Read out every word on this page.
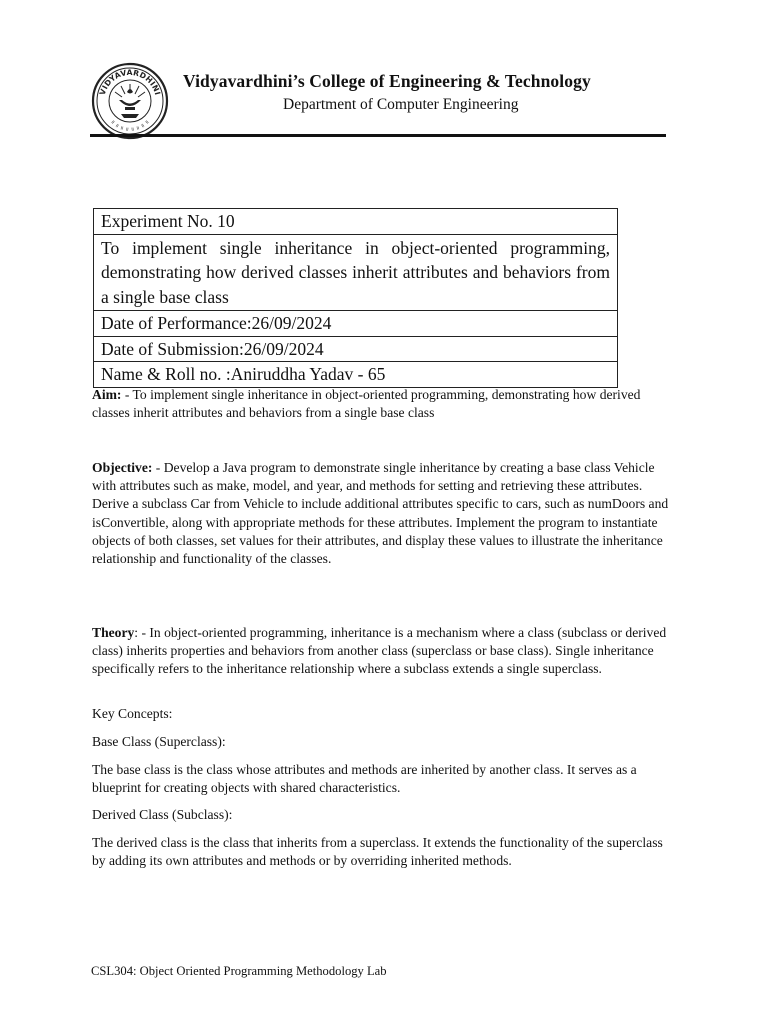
VIDYAVARDHINI
॥ ॥ ॥ ॥ ॥ ॥ ॥ ॥
Vidyavardhini’s College of Engineering & Technology
Department of Computer Engineering
Experiment No. 10
To implement single inheritance in object-oriented programming, demonstrating how derived classes inherit attributes and behaviors from a single base class
Date of Performance:26/09/2024
Date of Submission:26/09/2024
Name & Roll no. :Aniruddha Yadav - 65
Aim: - To implement single inheritance in object-oriented programming, demonstrating how derived classes inherit attributes and behaviors from a single base class
Objective: - Develop a Java program to demonstrate single inheritance by creating a base class Vehicle with attributes such as make, model, and year, and methods for setting and retrieving these attributes. Derive a subclass Car from Vehicle to include additional attributes specific to cars, such as numDoors and isConvertible, along with appropriate methods for these attributes. Implement the program to instantiate objects of both classes, set values for their attributes, and display these values to illustrate the inheritance relationship and functionality of the classes.
Theory: - In object-oriented programming, inheritance is a mechanism where a class (subclass or derived class) inherits properties and behaviors from another class (superclass or base class). Single inheritance specifically refers to the inheritance relationship where a subclass extends a single superclass.
Key Concepts:
Base Class (Superclass):
The base class is the class whose attributes and methods are inherited by another class. It serves as a blueprint for creating objects with shared characteristics.
Derived Class (Subclass):
The derived class is the class that inherits from a superclass. It extends the functionality of the superclass by adding its own attributes and methods or by overriding inherited methods.
CSL304: Object Oriented Programming Methodology Lab
